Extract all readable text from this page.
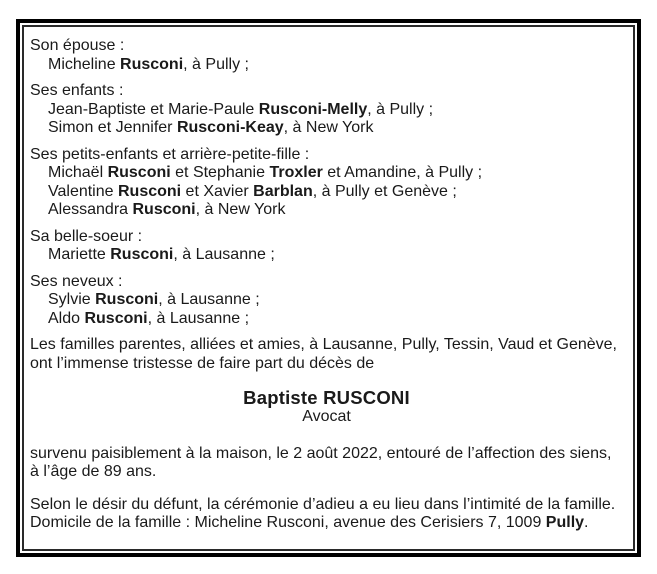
Son épouse :
Micheline Rusconi, à Pully ;
Ses enfants :
Jean-Baptiste et Marie-Paule Rusconi-Melly, à Pully ;
Simon et Jennifer Rusconi-Keay, à New York
Ses petits-enfants et arrière-petite-fille :
Michaël Rusconi et Stephanie Troxler et Amandine, à Pully ;
Valentine Rusconi et Xavier Barblan, à Pully et Genève ;
Alessandra Rusconi, à New York
Sa belle-soeur :
Mariette Rusconi, à Lausanne ;
Ses neveux :
Sylvie Rusconi, à Lausanne ;
Aldo Rusconi, à Lausanne ;

Les familles parentes, alliées et amies, à Lausanne, Pully, Tessin, Vaud et Genève, ont l’immense tristesse de faire part du décès de

Baptiste RUSCONI
Avocat

survenu paisiblement à la maison, le 2 août 2022, entouré de l’affection des siens, à l’âge de 89 ans.

Selon le désir du défunt, la cérémonie d’adieu a eu lieu dans l’intimité de la famille.

Domicile de la famille : Micheline Rusconi, avenue des Cerisiers 7, 1009 Pully.
